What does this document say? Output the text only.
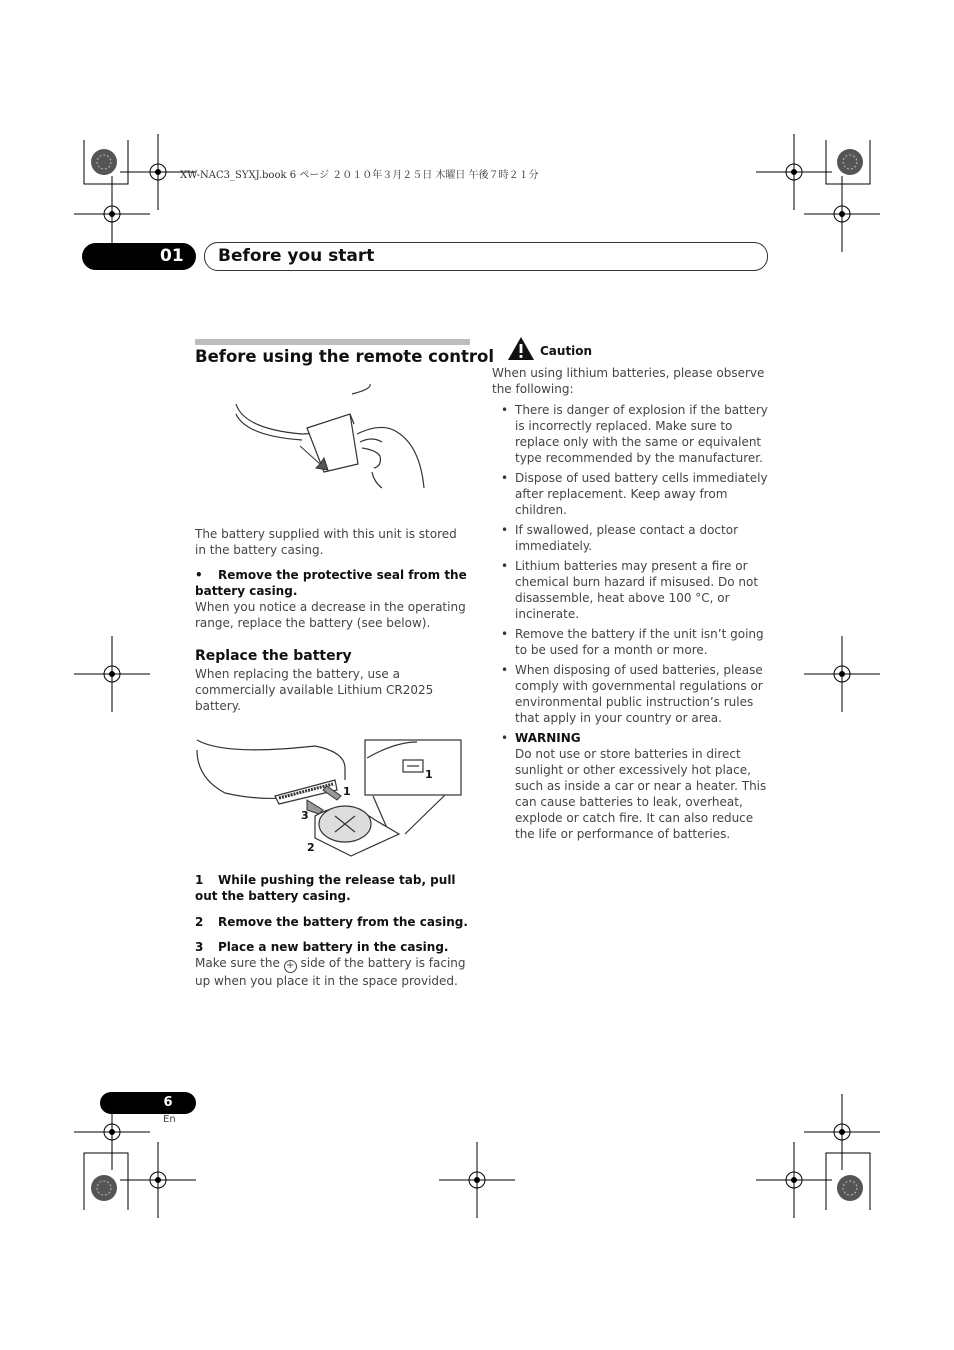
XW-NAC3_SYXJ.book 6 ページ ２０１０年３月２５日 木曜日 午後７時２１分
01	Before you start
Before using the remote control
The battery supplied with this unit is stored in the battery casing.
• Remove the protective seal from the battery casing.
When you notice a decrease in the operating range, replace the battery (see below).
Replace the battery
When replacing the battery, use a commercially available Lithium CR2025 battery.
1
3
2
1
1 While pushing the release tab, pull out the battery casing.
2 Remove the battery from the casing.
3 Place a new battery in the casing.
Make sure the + side of the battery is facing up when you place it in the space provided.
Caution
When using lithium batteries, please observe the following:
• There is danger of explosion if the battery is incorrectly replaced. Make sure to replace only with the same or equivalent type recommended by the manufacturer.
• Dispose of used battery cells immediately after replacement. Keep away from children.
• If swallowed, please contact a doctor immediately.
• Lithium batteries may present a fire or chemical burn hazard if misused. Do not disassemble, heat above 100 °C, or incinerate.
• Remove the battery if the unit isn’t going to be used for a month or more.
• When disposing of used batteries, please comply with governmental regulations or environmental public instruction’s rules that apply in your country or area.
• WARNING
Do not use or store batteries in direct sunlight or other excessively hot place, such as inside a car or near a heater. This can cause batteries to leak, overheat, explode or catch fire. It can also reduce the life or performance of batteries.
6
En
